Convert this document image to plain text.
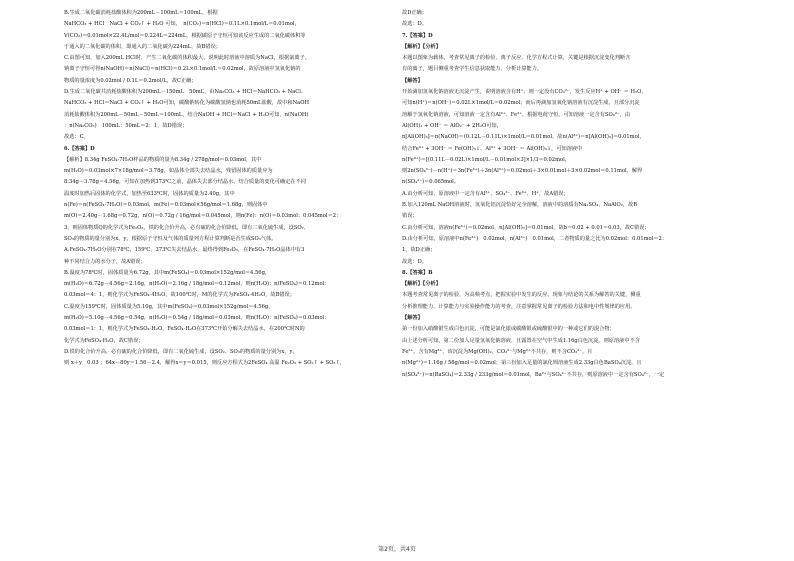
B.生成二氧化碳消耗盐酸体积为200mL－100mL＝100mL，根据
NaHCO₃ + HCl　NaCl + CO₂↑ + H₂O 可知，　n(CO₂)＝n(HCl)＝0.1L×0.1mol/L＝0.01mol，
V(CO₂)＝0.01mol×22.4L/mol＝0.224L＝224mL，根据碳原子守恒可知该反应生成的二氧化碳体积等
于通入的二氧化碳的体积，即通入的二氧化碳为224mL，故B错误；
C.由图可知，加入200mL HCl时，产生二氧化碳的体积最大，说明此时溶液中溶质为NaCl，根据氯离子、
钠离子守恒可得n(NaOH)＝n(NaCl)＝n(HCl)＝0.2L×0.1mol/L＝0.02mol，故原溶液中氢氧化钠的
物质的量浓度为0.02mol / 0.1L＝0.2mol/L，故C正确；
D.生成二氧化碳共消耗盐酸体积为200mL－150mL　50mL，由Na₂CO₃ + HCl＝NaHCO₃ + NaCl、
NaHCO₃ + HCl＝NaCl + CO₂↑ + H₂O可知，碳酸钠转化为碳酸氢钠也消耗50mL盐酸，故中和NaOH
消耗盐酸体积为200mL－50mL－50mL＝100mL，结合NaOH + HCl＝NaCl + H₂O可知，n(NaOH)
：n(Na₂CO₃)　100mL：50mL＝2：1，故D错误；
故选：C。
6.【答案】D
【解析】8.34g FeSO₄·7H₂O样品的物质的量为8.34g / 278g/mol＝0.03mol，其中
m(H₂O)＝0.03mol×7×18g/mol＝3.78g，如晶体全部失去结晶水，残留固体的质量应为
8.34g－3.78g＝4.56g，可知在加热到373℃之前，晶体失去部分结晶水，结合质量的变化可确定在不同
温度时加热后固体的化学式，加热至633℃时，固体的质量为2.40g，其中
n(Fe)＝n(FeSO₄·7H₂O)＝0.03mol，m(Fe)＝0.03mol×56g/mol＝1.68g，则固体中
m(O)＝2.40g－1.68g＝0.72g，n(O)＝0.72g / 16g/mol＝0.045mol，则n(Fe)：n(O)＝0.03mol：0.045mol＝2：
3，则固体物质Q的化学式为Fe₂O₃，铁的化合价升高，必有硫的化合价降低，即有二氧化硫生成，设SO₂、
SO₃的物质的量分别为x、y，根据原子守恒及气体的质量列方程计算判断是否生成SO₃气体。
A.FeSO₄·7H₂O分别在78℃、159℃、373℃失去结晶水，最终得到Fe₂O₃，在FeSO₄·7H₂O晶体中有3
种不同结合力的水分子，故A错误；
B.温度为78℃时，固体质量为6.72g，其中m(FeSO₄)＝0.03mol×152g/mol＝4.56g，
m(H₂O)＝6.72g－4.56g＝2.16g，n(H₂O)＝2.16g / 18g/mol＝0.12mol，则n(H₂O)：n(FeSO₄)＝0.12mol：
0.03mol＝4：1，则化学式为FeSO₄·4H₂O，故100℃时，M的化学式为FeSO₄·4H₂O，故B错误；
C.温度为159℃时，固体质量为5.10g，其中m(FeSO₄)＝0.03mol×152g/mol＝4.56g，
m(H₂O)＝5.10g－4.56g＝0.54g，n(H₂O)＝0.54g / 18g/mol＝0.03mol，则n(H₂O)：n(FeSO₄)＝0.03mol：
0.03mol＝1：1，则化学式为FeSO₄·H₂O，FeSO₄·H₂O在373℃开始分解失去结晶水，在200℃时N的
化学式为FeSO₄·H₂O，故C错误；
D.铁的化合价升高，必有硫的化合价降低，即有二氧化硫生成，设SO₂、SO₃的物质的量分别为x、y，
则 x＋y　0.03 ；64x－80y＝1.56－2.4，解得x＝y＝0.015，则反应方程式为2FeSO₄ 高温 Fe₂O₃ + SO₂↑ + SO₃↑，
故D正确；
故选：D。
7.【答案】D
【解析】【分析】
本题以图象为载体，考查常见离子的检验、离子反应、化学方程式计算，关键是根据沉淀变化判断含
有的离子，题目侧重考查学生信息获取能力、分析计算能力。
【解答】
开始滴加氢氧化钠溶液无沉淀产生，说明溶液含有H⁺，则一定没有CO₃²⁻，发生反应H⁺ + OH⁻ ＝ H₂O，
可知n(H⁺)＝n(OH⁻)＝0.02L×1mol/L＝0.02mol；而后再滴加氢氧化钠溶液有沉淀生成，且部分沉淀
溶解于氢氧化钠溶液，可知溶液一定含有Al³⁺、Fe³⁺，根据电荷守恒，可知溶液一定含有SO₄²⁻，由
Al(OH)₃ + OH⁻ ＝ AlO₂⁻ + 2H₂O可知，
n[Al(OH)₃]＝n(NaOH)＝(0.12L－0.11L)×1mol/L＝0.01mol，故n(Al³⁺)＝n[Al(OH)₃]＝0.01mol，
结合Fe³⁺ + 3OH⁻ ＝ Fe(OH)₃↓、Al³⁺ + 3OH⁻ ＝ Al(OH)₃↓，可知溶液中
n(Fe³⁺)＝[(0.11L－0.02L)×1mol/L－0.01mol×3]×1/3＝0.02mol，
则2n(SO₄²⁻)－n(H⁺)＝3n(Fe³⁺)＋3n(Al³⁺)＝0.02mol＋3×0.01mol＋3×0.02mol＝0.11mol，解得
n(SO₄²⁻)＝0.065mol。
A.由分析可知，原溶液中一定含有Al³⁺、SO₄²⁻、Fe³⁺、H⁺，故A错误；
B.加入120mL NaOH溶液时，氢氧化铝沉淀恰好完全溶解，溶液中的溶质有Na₂SO₄、NaAlO₂，故B
错误；
C.由分析可知，溶液n(Fe³⁺)＝0.02mol、n[Al(OH)₃]＝0.01mol，故b＝0.02 + 0.01＝0.03，故C错误；
D.由分析可知，原溶液中n(Fe³⁺)　0.02mol，n(Al³⁺)　0.01mol，二者物质的量之比为0.02mol：0.01mol＝2：
1，故D正确；
故选：D。
8.【答案】B
【解析】【分析】
本题考查常见离子的检验，为高频考点，把握实验中发生的反应、现象与结论的关系为解答的关键，侧重
分析推理能力、计算能力与实验操作能力的考查，注意掌握常见离子的检验方法和电中性规律的应用。
【解答】
第一份加入硝酸银生成白色沉淀，可能是氯化银或碳酸银或硫酸银中的一种或它们的混合物；
由上述分析可知，第二份加入足量氢氧化钠溶液，且露置在空气中生成1.16g白色沉淀，则原溶液中不含
Fe²⁺，含有Mg²⁺，该沉淀为Mg(OH)₂，CO₃²⁻与Mg²⁺不共存，则不含CO₃²⁻，且
n(Mg²⁺)＝1.16g / 58g/mol＝0.02mol；第三份加入足量的氯化钡溶液生成2.33g白色BaSO₄沉淀，且
n(SO₄²⁻)＝n(BaSO₄)＝2.33g / 233g/mol＝0.01mol，Ba²⁺与SO₄²⁻不共存，则原溶液中一定含有SO₄²⁻，一定
第2页，共4页
